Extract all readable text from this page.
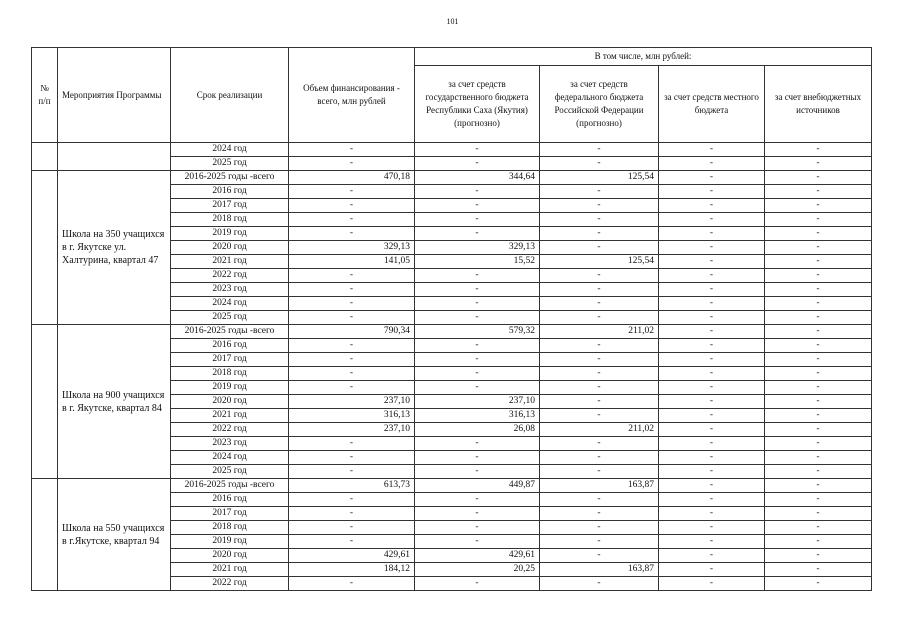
101
№ п/п	Мероприятия Программы	Срок реализации	Объем финансирования - всего, млн рублей	В том числе, млн рублей:			
				за счет средств государственного бюджета Республики Саха (Якутия) (прогнозно)	за счет средств федерального бюджета Российской Федерации (прогнозно)	за счет средств местного бюджета	за счет внебюджетных источников
		2024 год	-	-	-	-	-
		2025 год	-	-	-	-	-
	Школа на 350 учащихся в г. Якутске ул. Халтурина, квартал 47	2016-2025 годы -всего	470,18	344,64	125,54	-	-
		2016 год	-	-	-	-	-
		2017 год	-	-	-	-	-
		2018 год	-	-	-	-	-
		2019 год	-	-	-	-	-
		2020 год	329,13	329,13	-	-	-
		2021 год	141,05	15,52	125,54	-	-
		2022 год	-	-	-	-	-
		2023 год	-	-	-	-	-
		2024 год	-	-	-	-	-
		2025 год	-	-	-	-	-
	Школа на 900 учащихся в г. Якутске, квартал 84	2016-2025 годы -всего	790,34	579,32	211,02	-	-
		2016 год	-	-	-	-	-
		2017 год	-	-	-	-	-
		2018 год	-	-	-	-	-
		2019 год	-	-	-	-	-
		2020 год	237,10	237,10	-	-	-
		2021 год	316,13	316,13	-	-	-
		2022 год	237,10	26,08	211,02	-	-
		2023 год	-	-	-	-	-
		2024 год	-	-	-	-	-
		2025 год	-	-	-	-	-
	Школа на 550 учащихся в г.Якутске, квартал 94	2016-2025 годы -всего	613,73	449,87	163,87	-	-
		2016 год	-	-	-	-	-
		2017 год	-	-	-	-	-
		2018 год	-	-	-	-	-
		2019 год	-	-	-	-	-
		2020 год	429,61	429,61	-	-	-
		2021 год	184,12	20,25	163,87	-	-
		2022 год	-	-	-	-	-
